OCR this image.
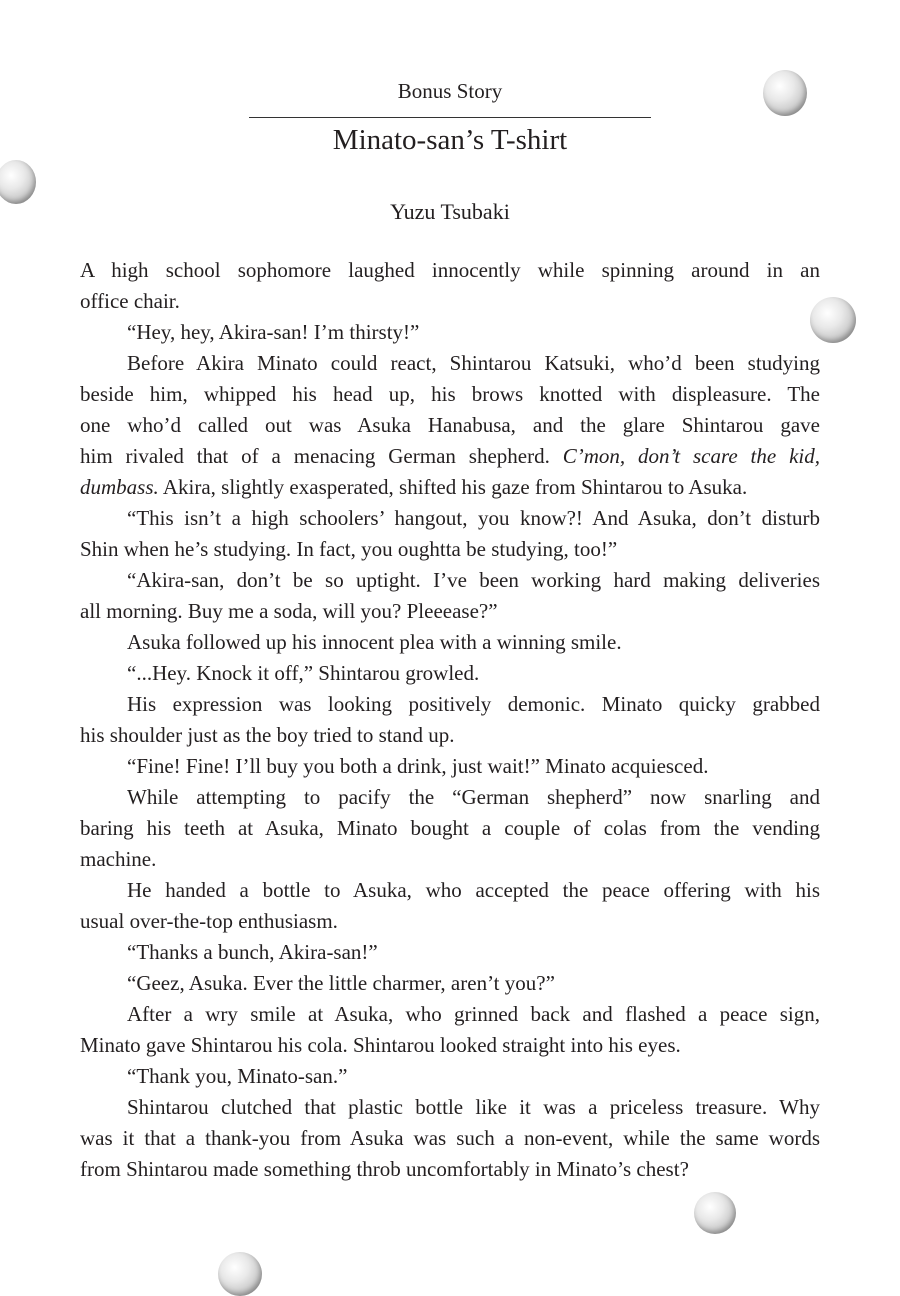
Bonus Story
Minato-san’s T-shirt
Yuzu Tsubaki
A high school sophomore laughed innocently while spinning around in an
office chair.
“Hey, hey, Akira-san! I’m thirsty!”
Before Akira Minato could react, Shintarou Katsuki, who’d been studying
beside him, whipped his head up, his brows knotted with displeasure. The
one who’d called out was Asuka Hanabusa, and the glare Shintarou gave
him rivaled that of a menacing German shepherd. C’mon, don’t scare the kid,
dumbass. Akira, slightly exasperated, shifted his gaze from Shintarou to Asuka.
“This isn’t a high schoolers’ hangout, you know?! And Asuka, don’t disturb
Shin when he’s studying. In fact, you oughtta be studying, too!”
“Akira-san, don’t be so uptight. I’ve been working hard making deliveries
all morning. Buy me a soda, will you? Pleeease?”
Asuka followed up his innocent plea with a winning smile.
“...Hey. Knock it off,” Shintarou growled.
His expression was looking positively demonic. Minato quicky grabbed
his shoulder just as the boy tried to stand up.
“Fine! Fine! I’ll buy you both a drink, just wait!” Minato acquiesced.
While attempting to pacify the “German shepherd” now snarling and
baring his teeth at Asuka, Minato bought a couple of colas from the vending
machine.
He handed a bottle to Asuka, who accepted the peace offering with his
usual over-the-top enthusiasm.
“Thanks a bunch, Akira-san!”
“Geez, Asuka. Ever the little charmer, aren’t you?”
After a wry smile at Asuka, who grinned back and flashed a peace sign,
Minato gave Shintarou his cola. Shintarou looked straight into his eyes.
“Thank you, Minato-san.”
Shintarou clutched that plastic bottle like it was a priceless treasure. Why
was it that a thank-you from Asuka was such a non-event, while the same words
from Shintarou made something throb uncomfortably in Minato’s chest?
